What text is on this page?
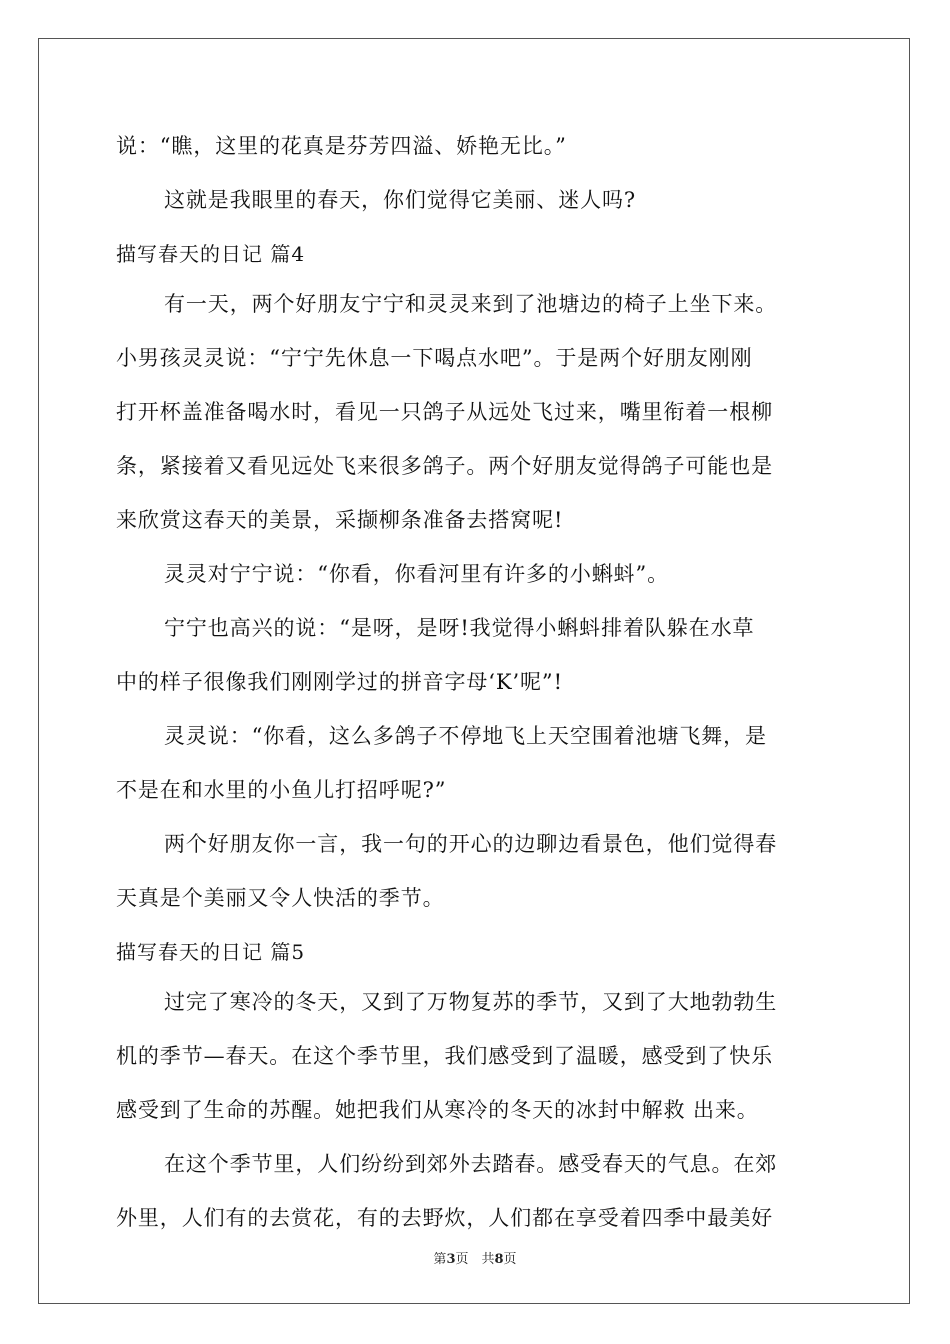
说：“瞧，这里的花真是芬芳四溢、娇艳无比。”
这就是我眼里的春天，你们觉得它美丽、迷人吗?
描写春天的日记 篇4
有一天，两个好朋友宁宁和灵灵来到了池塘边的椅子上坐下来。
小男孩灵灵说：“宁宁先休息一下喝点水吧”。于是两个好朋友刚刚
打开杯盖准备喝水时，看见一只鸽子从远处飞过来，嘴里衔着一根柳
条，紧接着又看见远处飞来很多鸽子。两个好朋友觉得鸽子可能也是
来欣赏这春天的美景，采撷柳条准备去搭窝呢!
灵灵对宁宁说：“你看，你看河里有许多的小蝌蚪”。
宁宁也高兴的说：“是呀，是呀!我觉得小蝌蚪排着队躲在水草
中的样子很像我们刚刚学过的拼音字母‘K’呢”!
灵灵说：“你看，这么多鸽子不停地飞上天空围着池塘飞舞，是
不是在和水里的小鱼儿打招呼呢?”
两个好朋友你一言，我一句的开心的边聊边看景色，他们觉得春
天真是个美丽又令人快活的季节。
描写春天的日记 篇5
过完了寒冷的冬天，又到了万物复苏的季节，又到了大地勃勃生
机的季节—春天。在这个季节里，我们感受到了温暖，感受到了快乐
感受到了生命的苏醒。她把我们从寒冷的冬天的冰封中解救 出来。
在这个季节里，人们纷纷到郊外去踏春。感受春天的气息。在郊
外里，人们有的去赏花，有的去野炊，人们都在享受着四季中最美好
第3页　共8页
